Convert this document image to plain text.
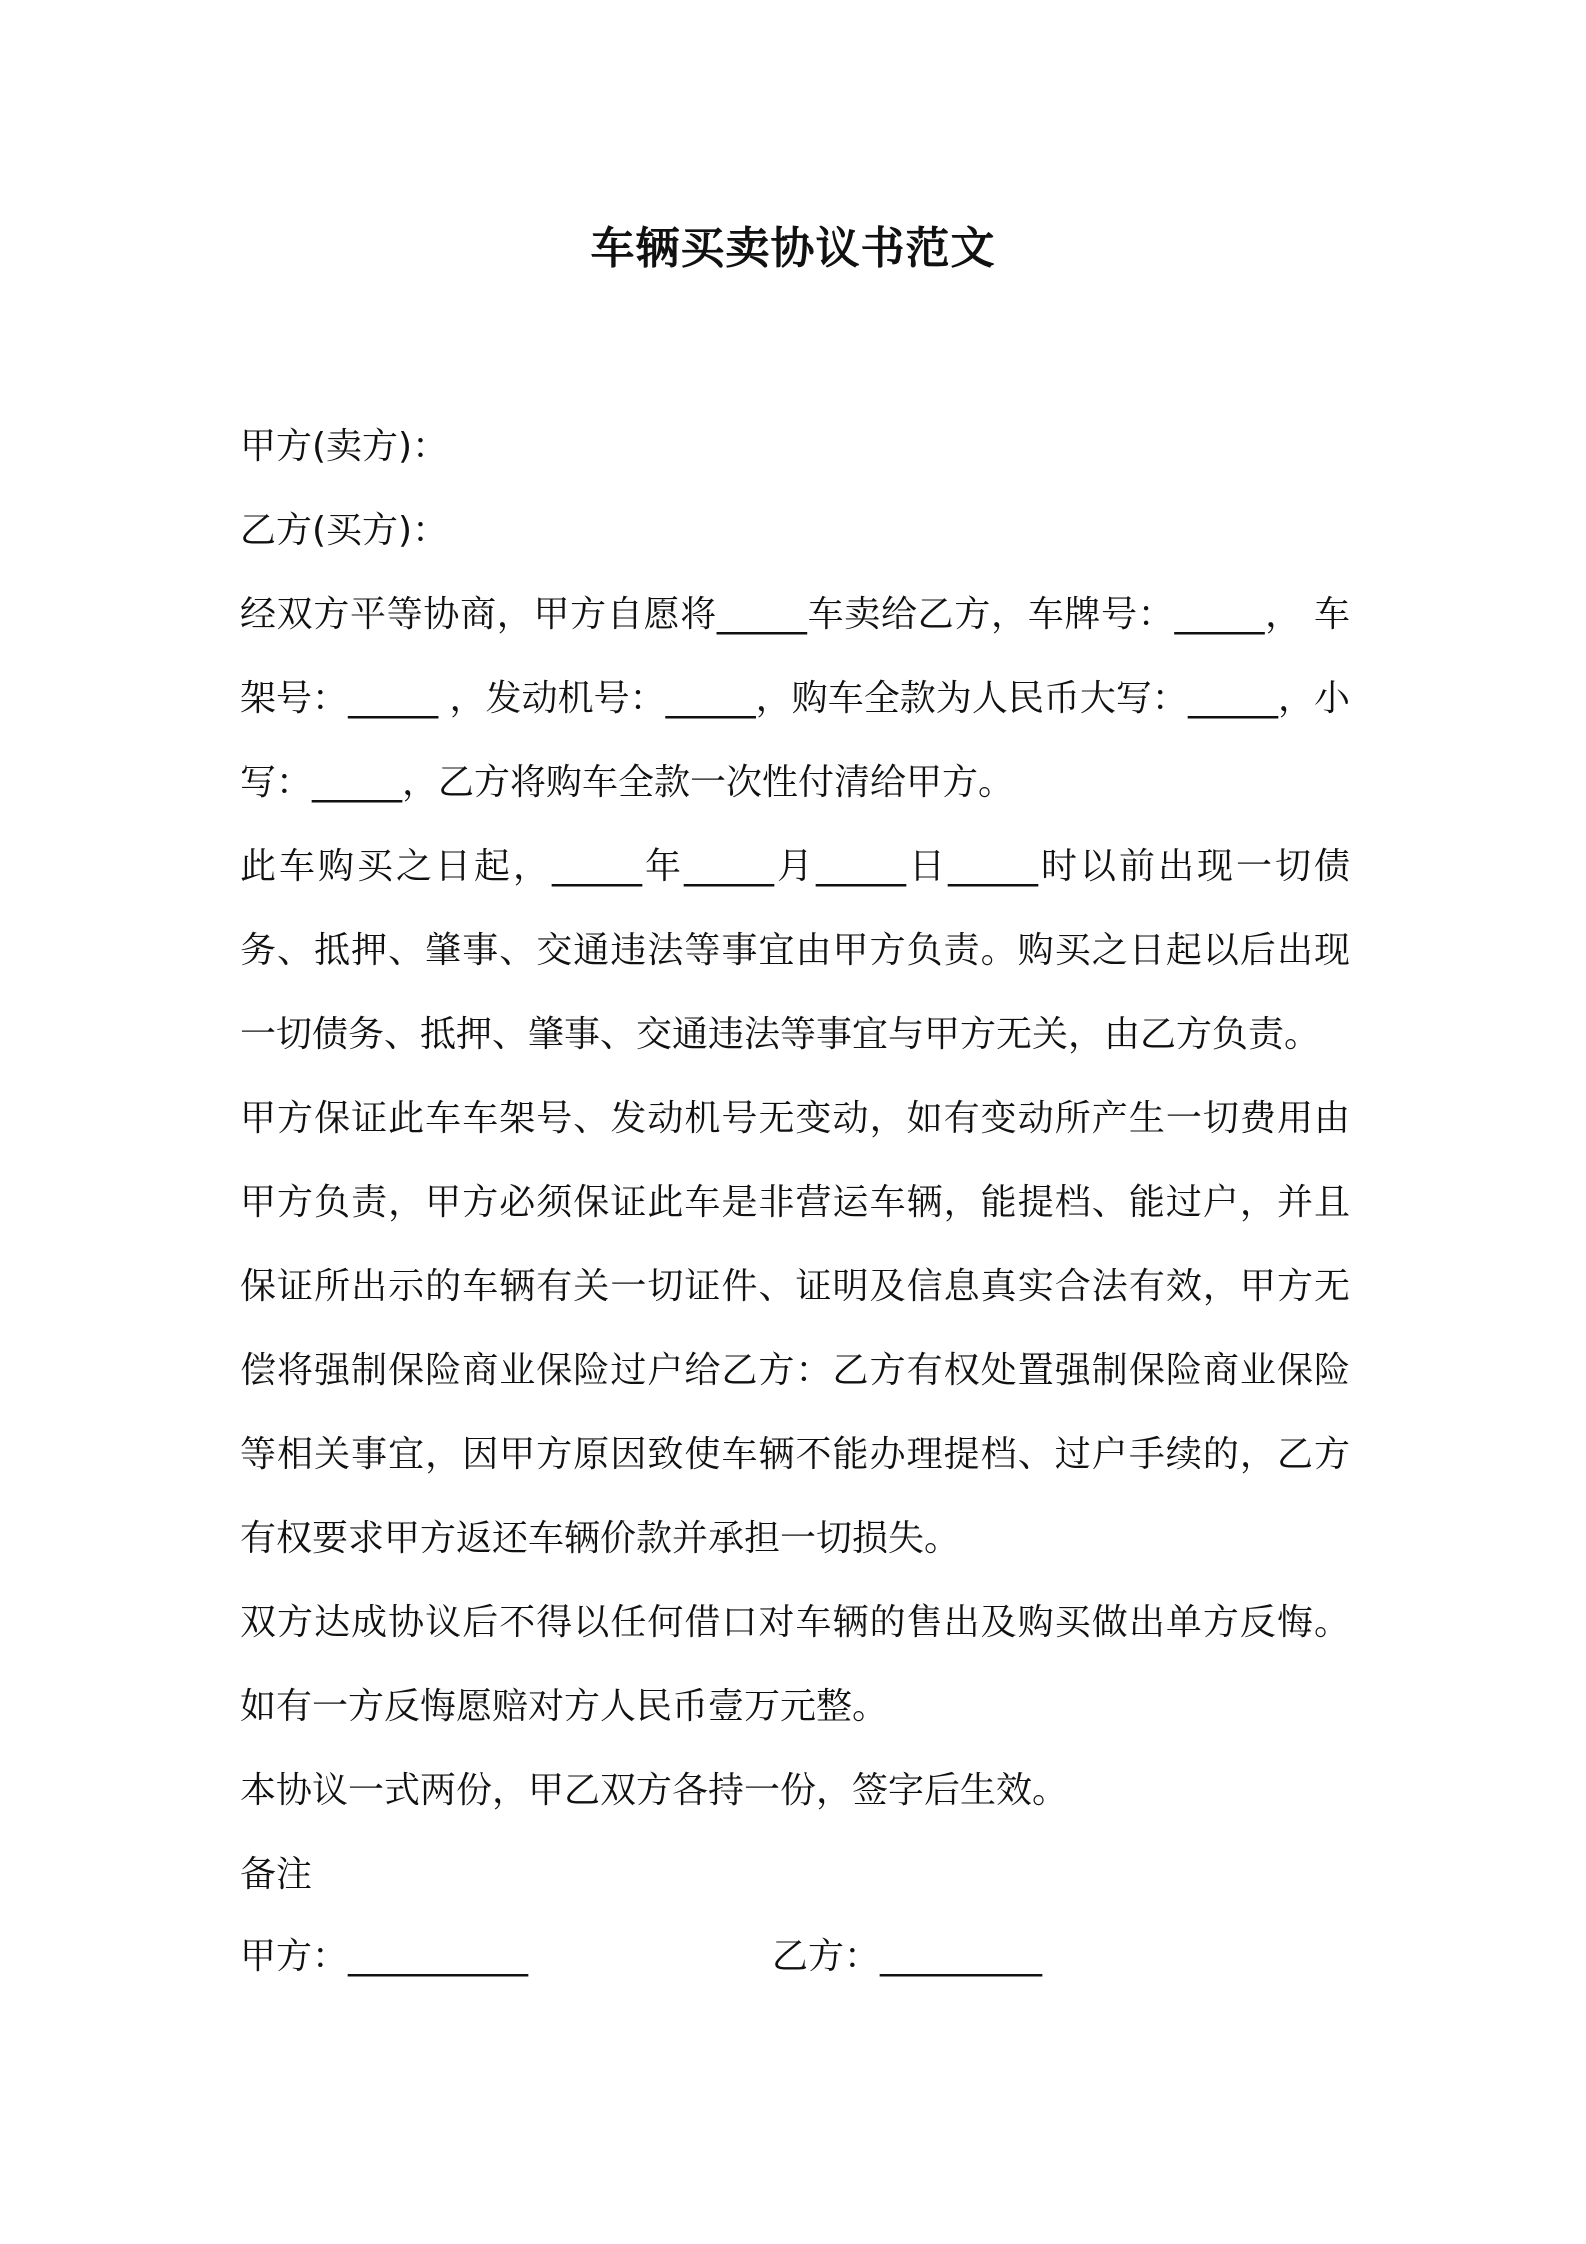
车辆买卖协议书范文

甲方(卖方)：

乙方(买方)：

经双方平等协商，甲方自愿将_____车卖给乙方，车牌号：_____， 车架号：_____ ，发动机号：_____，购车全款为人民币大写：_____，小写：_____，乙方将购车全款一次性付清给甲方。

此车购买之日起，_____年_____月_____日_____时以前出现一切债务、抵押、肇事、交通违法等事宜由甲方负责。购买之日起以后出现一切债务、抵押、肇事、交通违法等事宜与甲方无关，由乙方负责。

甲方保证此车车架号、发动机号无变动，如有变动所产生一切费用由甲方负责，甲方必须保证此车是非营运车辆，能提档、能过户，并且保证所出示的车辆有关一切证件、证明及信息真实合法有效，甲方无偿将强制保险商业保险过户给乙方：乙方有权处置强制保险商业保险等相关事宜，因甲方原因致使车辆不能办理提档、过户手续的，乙方有权要求甲方返还车辆价款并承担一切损失。

双方达成协议后不得以任何借口对车辆的售出及购买做出单方反悔。如有一方反悔愿赔对方人民币壹万元整。

本协议一式两份，甲乙双方各持一份，签字后生效。

备注

甲方：__________	乙方：_________
